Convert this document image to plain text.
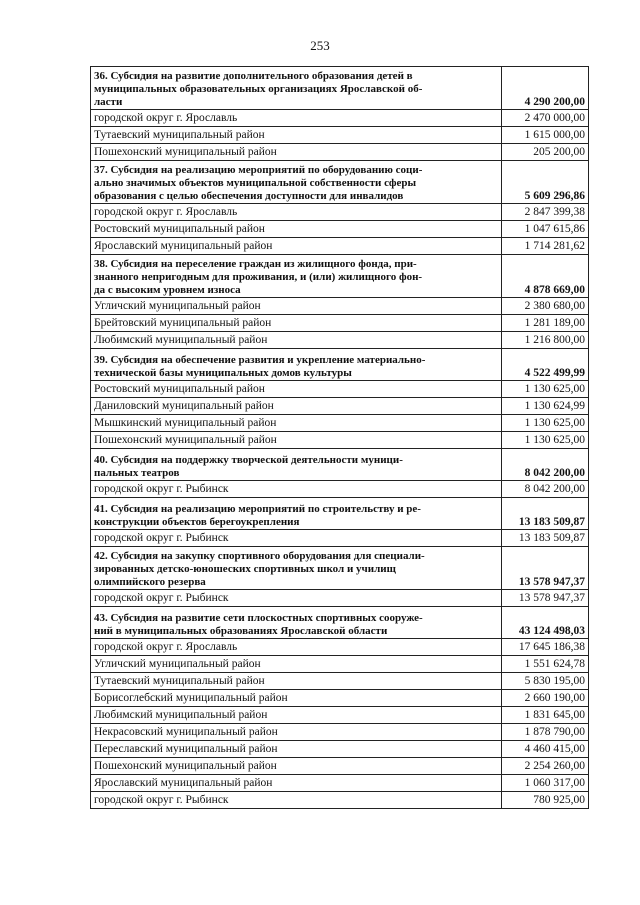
253
36. Субсидия на развитие дополнительного образования детей в
муниципальных образовательных организациях Ярославской об-
ласти	4 290 200,00
городской округ г. Ярославль	2 470 000,00
Тутаевский муниципальный район	1 615 000,00
Пошехонский муниципальный район	205 200,00
37. Субсидия на реализацию мероприятий по оборудованию соци-
ально значимых объектов муниципальной собственности сферы
образования с целью обеспечения доступности для инвалидов	5 609 296,86
городской округ г. Ярославль	2 847 399,38
Ростовский муниципальный район	1 047 615,86
Ярославский муниципальный район	1 714 281,62
38. Субсидия на переселение граждан из жилищного фонда, при-
знанного непригодным для проживания, и (или) жилищного фон-
да с высоким уровнем износа	4 878 669,00
Угличский муниципальный район	2 380 680,00
Брейтовский муниципальный район	1 281 189,00
Любимский муниципальный район	1 216 800,00
39. Субсидия на обеспечение развития и укрепление материально-
технической базы муниципальных домов культуры	4 522 499,99
Ростовский муниципальный район	1 130 625,00
Даниловский муниципальный район	1 130 624,99
Мышкинский муниципальный район	1 130 625,00
Пошехонский муниципальный район	1 130 625,00
40. Субсидия на поддержку творческой деятельности муници-
пальных театров	8 042 200,00
городской округ г. Рыбинск	8 042 200,00
41. Субсидия на реализацию мероприятий по строительству и ре-
конструкции объектов берегоукрепления	13 183 509,87
городской округ г. Рыбинск	13 183 509,87
42. Субсидия на закупку спортивного оборудования для специали-
зированных детско-юношеских спортивных школ и училищ
олимпийского резерва	13 578 947,37
городской округ г. Рыбинск	13 578 947,37
43. Субсидия на развитие сети плоскостных спортивных сооруже-
ний в муниципальных образованиях Ярославской области	43 124 498,03
городской округ г. Ярославль	17 645 186,38
Угличский муниципальный район	1 551 624,78
Тутаевский муниципальный район	5 830 195,00
Борисоглебский муниципальный район	2 660 190,00
Любимский муниципальный район	1 831 645,00
Некрасовский муниципальный район	1 878 790,00
Переславский муниципальный район	4 460 415,00
Пошехонский муниципальный район	2 254 260,00
Ярославский муниципальный район	1 060 317,00
городской округ г. Рыбинск	780 925,00
